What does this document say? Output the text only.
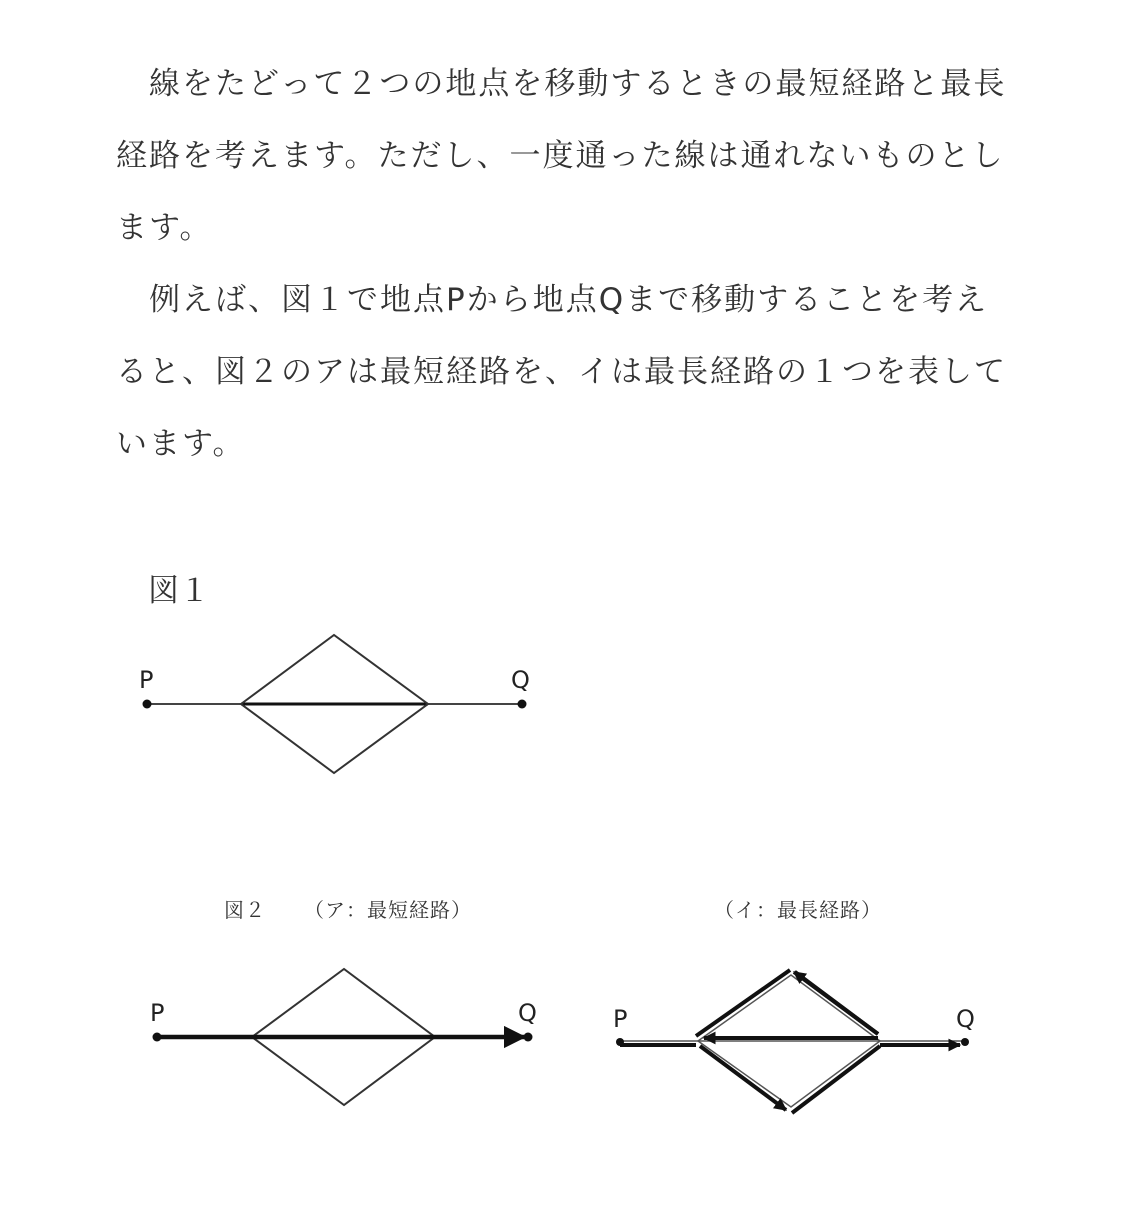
　線をたどって２つの地点を移動するときの最短経路と最長経路を考えます。ただし、一度通った線は通れないものとします。

　例えば、図１で地点Pから地点Qまで移動することを考えると、図２のアは最短経路を、イは最長経路の１つを表しています。

図１
図２ （ア：最短経路）	（イ：最長経路）
P	Q
P	Q	P	Q
